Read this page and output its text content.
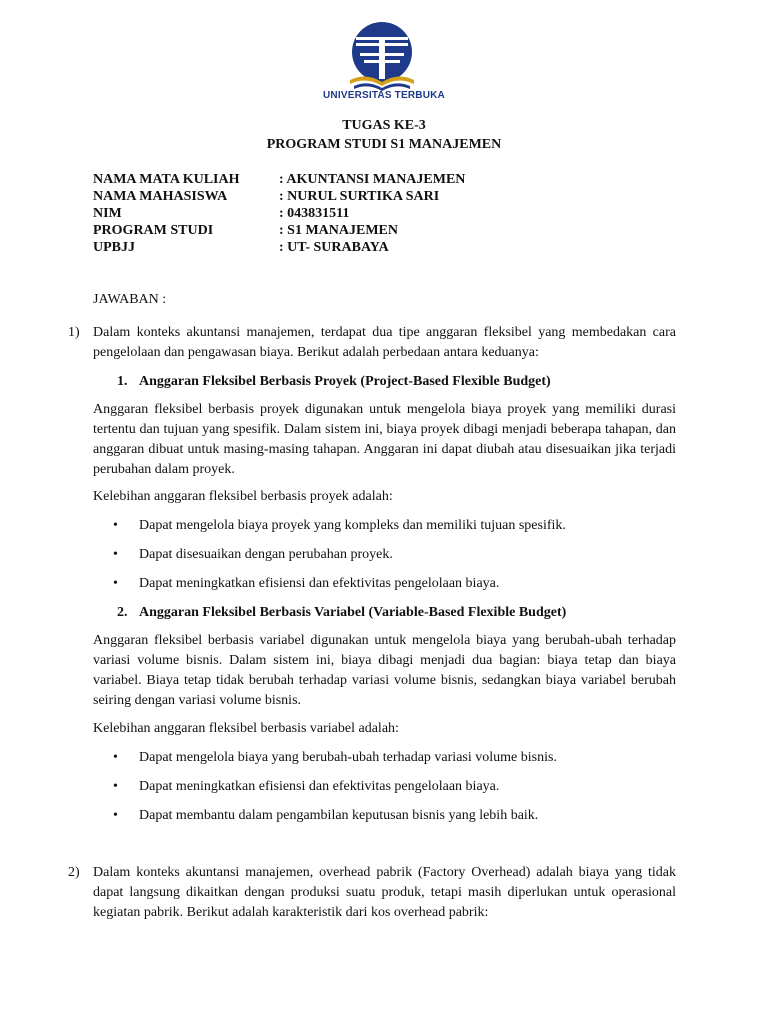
UNIVERSITAS TERBUKA
TUGAS KE-3
PROGRAM STUDI S1 MANAJEMEN
NAMA MATA KULIAH	: AKUNTANSI MANAJEMEN
NAMA MAHASISWA	: NURUL SURTIKA SARI
NIM	: 043831511
PROGRAM STUDI	: S1 MANAJEMEN
UPBJJ	: UT- SURABAYA
JAWABAN :
1) Dalam konteks akuntansi manajemen, terdapat dua tipe anggaran fleksibel yang membedakan cara pengelolaan dan pengawasan biaya. Berikut adalah perbedaan antara keduanya:
1. Anggaran Fleksibel Berbasis Proyek (Project-Based Flexible Budget)
Anggaran fleksibel berbasis proyek digunakan untuk mengelola biaya proyek yang memiliki durasi tertentu dan tujuan yang spesifik. Dalam sistem ini, biaya proyek dibagi menjadi beberapa tahapan, dan anggaran dibuat untuk masing-masing tahapan. Anggaran ini dapat diubah atau disesuaikan jika terjadi perubahan dalam proyek.
Kelebihan anggaran fleksibel berbasis proyek adalah:
•	Dapat mengelola biaya proyek yang kompleks dan memiliki tujuan spesifik.
•	Dapat disesuaikan dengan perubahan proyek.
•	Dapat meningkatkan efisiensi dan efektivitas pengelolaan biaya.
2. Anggaran Fleksibel Berbasis Variabel (Variable-Based Flexible Budget)
Anggaran fleksibel berbasis variabel digunakan untuk mengelola biaya yang berubah-ubah terhadap variasi volume bisnis. Dalam sistem ini, biaya dibagi menjadi dua bagian: biaya tetap dan biaya variabel. Biaya tetap tidak berubah terhadap variasi volume bisnis, sedangkan biaya variabel berubah seiring dengan variasi volume bisnis.
Kelebihan anggaran fleksibel berbasis variabel adalah:
•	Dapat mengelola biaya yang berubah-ubah terhadap variasi volume bisnis.
•	Dapat meningkatkan efisiensi dan efektivitas pengelolaan biaya.
•	Dapat membantu dalam pengambilan keputusan bisnis yang lebih baik.
2) Dalam konteks akuntansi manajemen, overhead pabrik (Factory Overhead) adalah biaya yang tidak dapat langsung dikaitkan dengan produksi suatu produk, tetapi masih diperlukan untuk operasional kegiatan pabrik. Berikut adalah karakteristik dari kos overhead pabrik:
